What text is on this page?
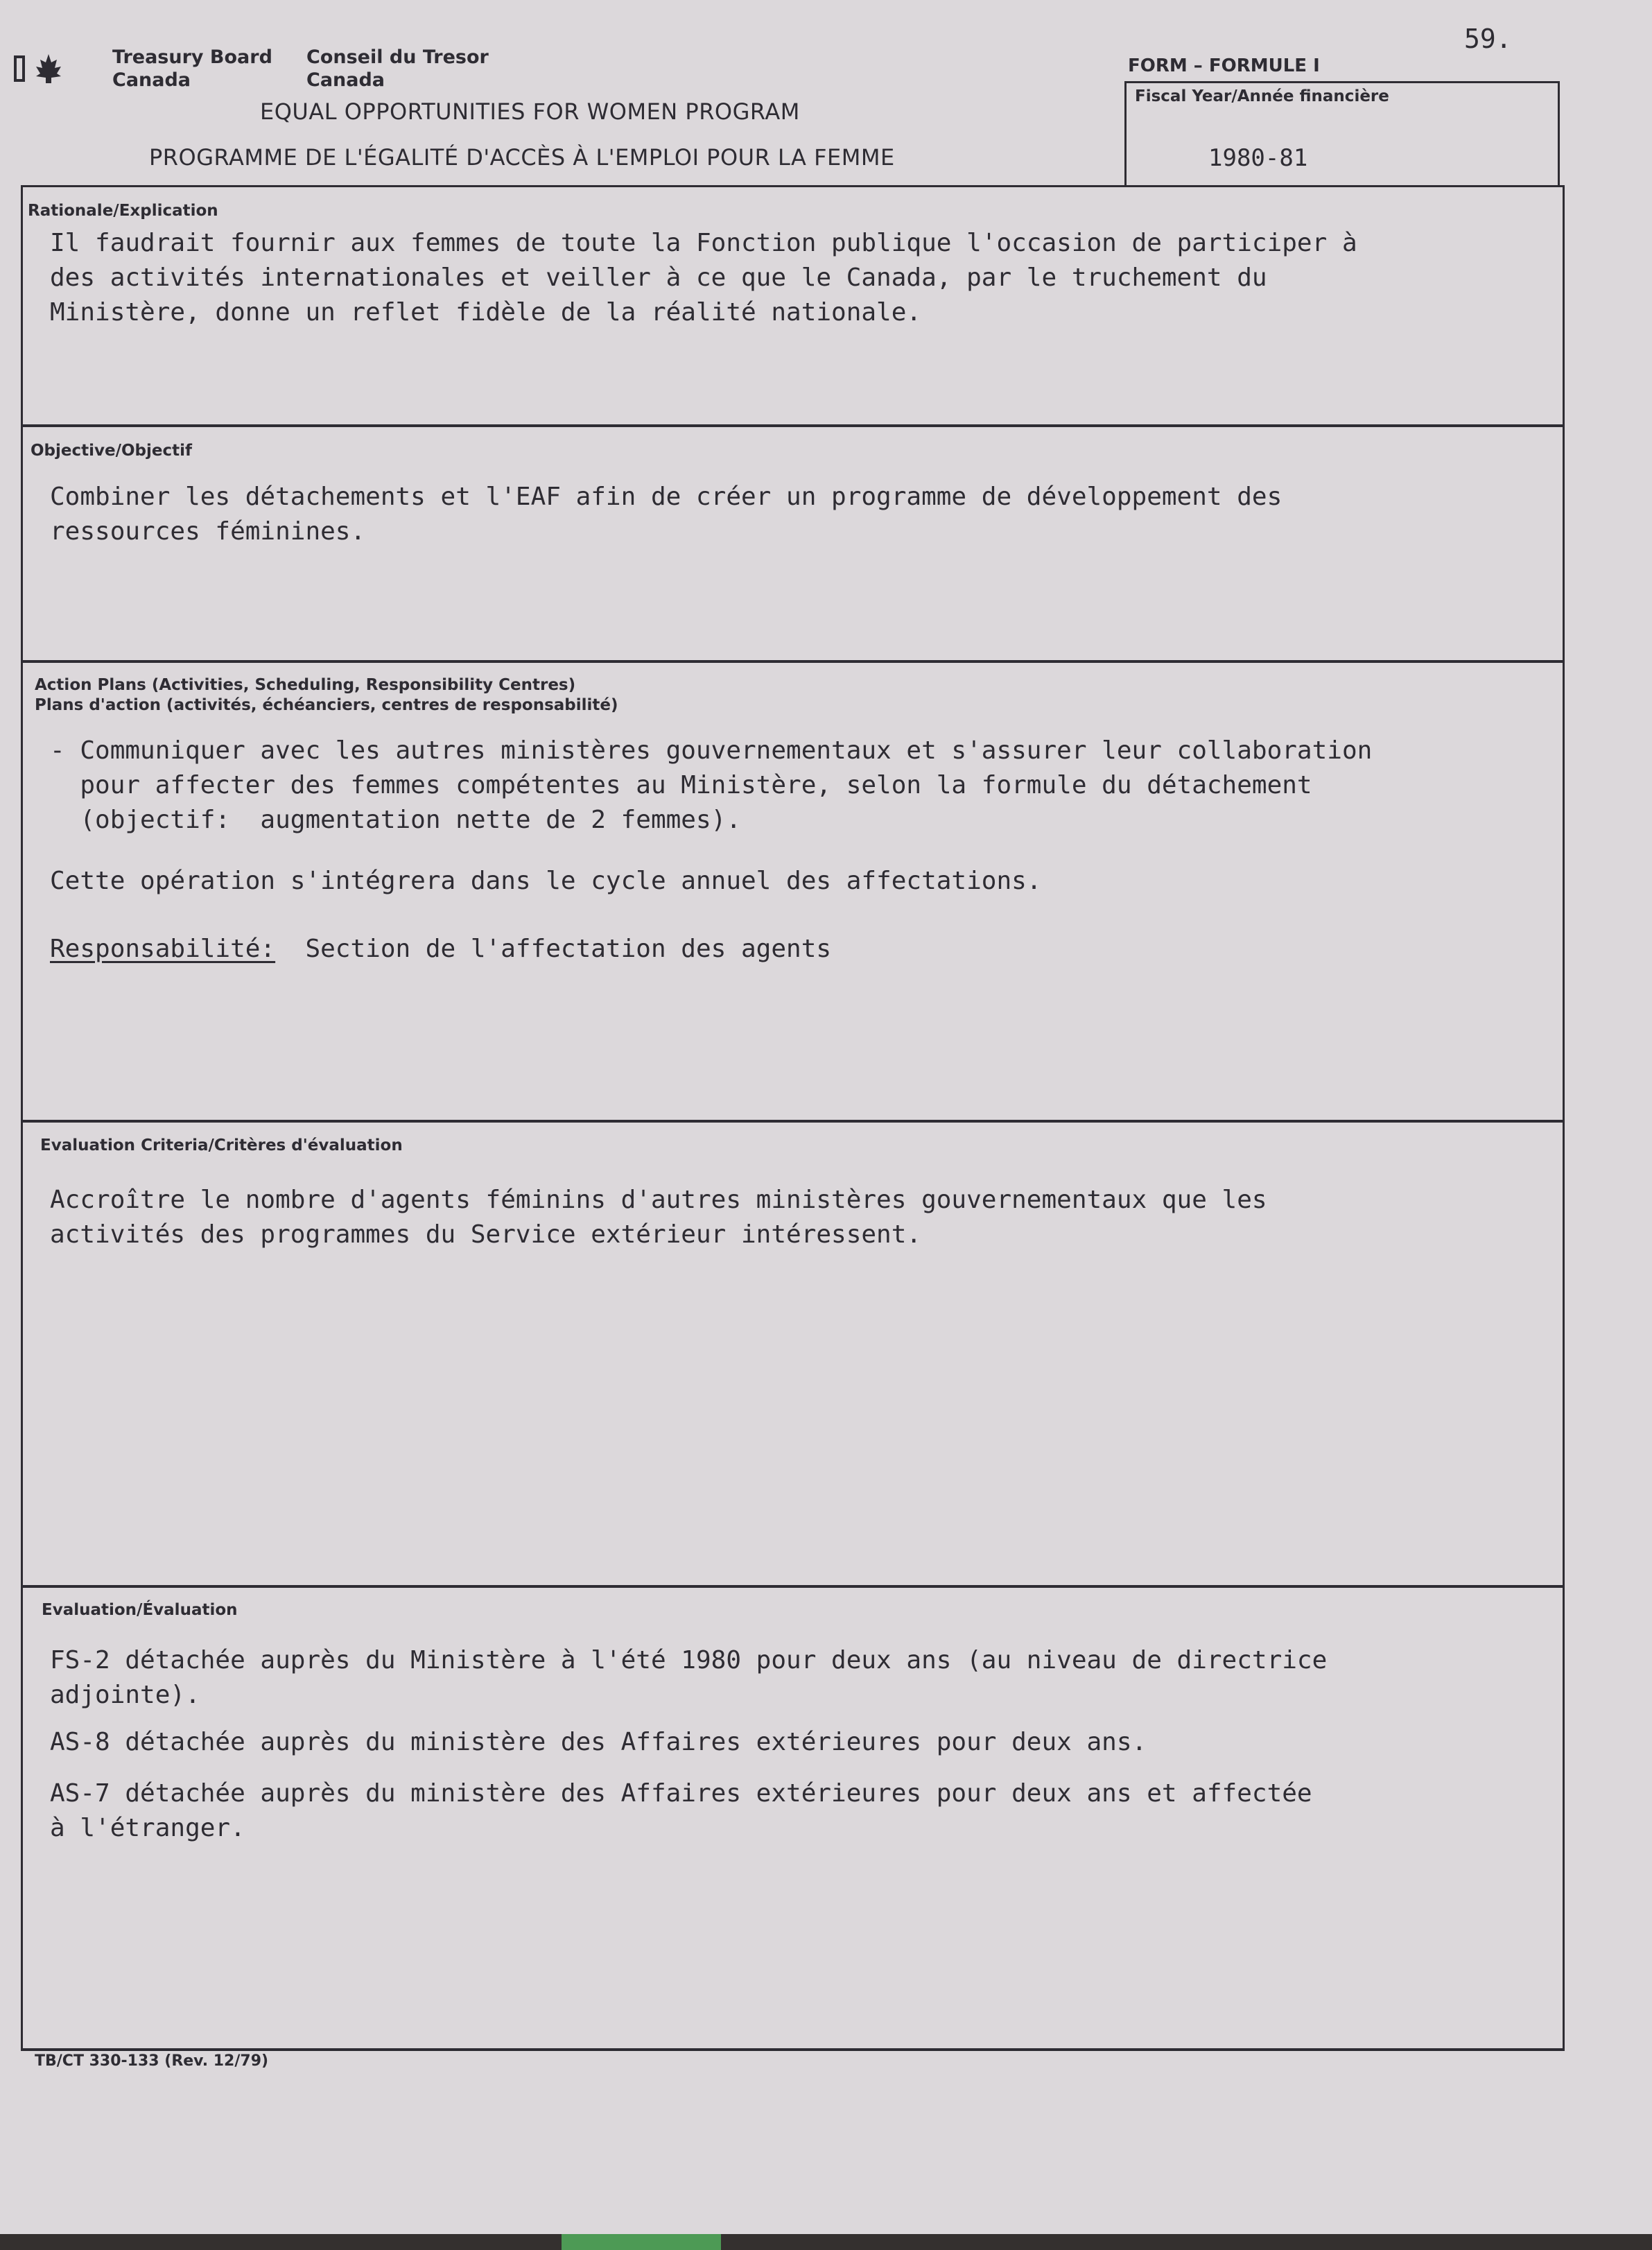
59.
Treasury Board
Canada
Conseil du Tresor
Canada
EQUAL OPPORTUNITIES FOR WOMEN PROGRAM
PROGRAMME DE L'ÉGALITÉ D'ACCÈS À L'EMPLOI POUR LA FEMME
FORM – FORMULE I
Fiscal Year/Année financière
1980-81
Rationale/Explication
Il faudrait fournir aux femmes de toute la Fonction publique l'occasion de participer à
des activités internationales et veiller à ce que le Canada, par le truchement du
Ministère, donne un reflet fidèle de la réalité nationale.
Objective/Objectif
Combiner les détachements et l'EAF afin de créer un programme de développement des
ressources féminines.
Action Plans (Activities, Scheduling, Responsibility Centres)
Plans d'action (activités, échéanciers, centres de responsabilité)
- Communiquer avec les autres ministères gouvernementaux et s'assurer leur collaboration
pour affecter des femmes compétentes au Ministère, selon la formule du détachement
(objectif:  augmentation nette de 2 femmes).
Cette opération s'intégrera dans le cycle annuel des affectations.
Responsabilité:  Section de l'affectation des agents
Evaluation Criteria/Critères d'évaluation
Accroître le nombre d'agents féminins d'autres ministères gouvernementaux que les
activités des programmes du Service extérieur intéressent.
Evaluation/Évaluation
FS-2 détachée auprès du Ministère à l'été 1980 pour deux ans (au niveau de directrice
adjointe).
AS-8 détachée auprès du ministère des Affaires extérieures pour deux ans.
AS-7 détachée auprès du ministère des Affaires extérieures pour deux ans et affectée
à l'étranger.
TB/CT 330-133 (Rev. 12/79)
